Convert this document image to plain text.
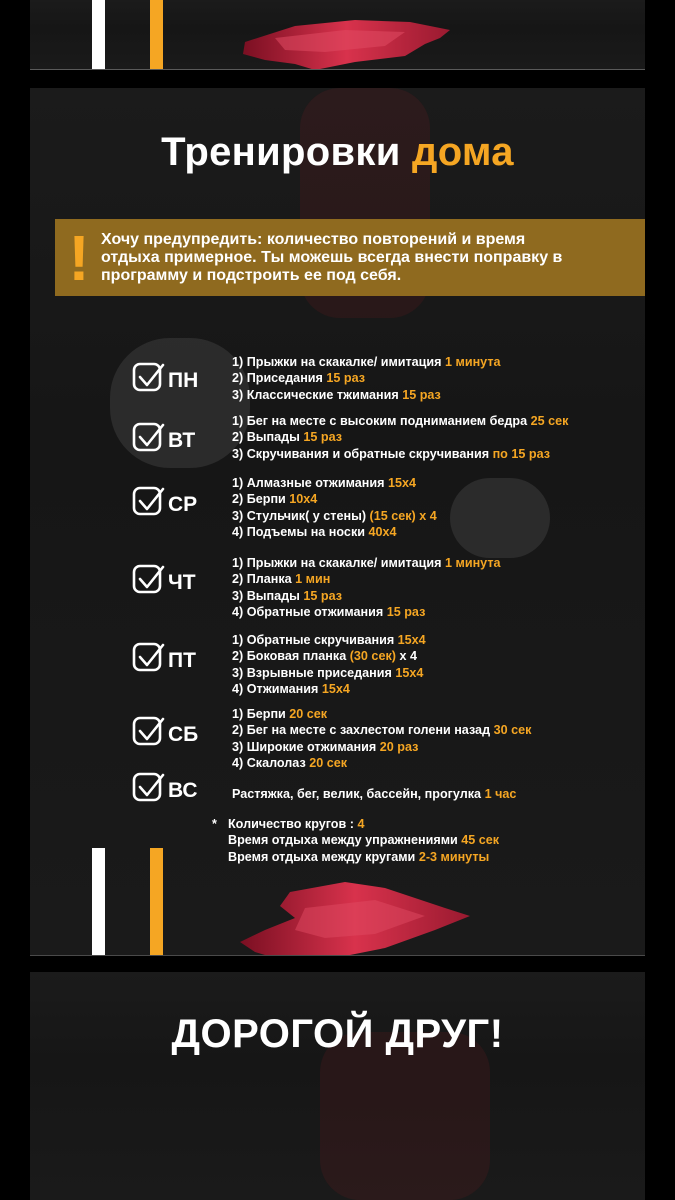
Тренировки дома
! Хочу предупредить: количество повторений и время
отдыха примерное. Ты можешь всегда внести поправку в
программу и подстроить ее под себя.
ПН
1) Прыжки на скакалке/ имитация 1 минута
2) Приседания 15 раз
3) Классические тжимания 15 раз
ВТ
1) Бег на месте с высоким подниманием бедра 25 сек
2) Выпады 15 раз
3) Скручивания и обратные скручивания по 15 раз
СР
1) Алмазные отжимания 15x4
2) Берпи 10x4
3) Стульчик( у стены) (15 сек) x 4
4) Подъемы на носки 40x4
ЧТ
1) Прыжки на скакалке/ имитация 1 минута
2) Планка 1 мин
3) Выпады 15 раз
4) Обратные отжимания 15 раз
ПТ
1) Обратные скручивания 15x4
2) Боковая планка (30 сек) x 4
3) Взрывные приседания 15x4
4) Отжимания 15x4
СБ
1) Берпи 20 сек
2) Бег на месте с захлестом голени назад 30 сек
3) Широкие отжимания 20 раз
4) Скалолаз 20 сек
ВС	Растяжка, бег, велик, бассейн, прогулка 1 час
* Количество кругов : 4
Время отдыха между упражнениями 45 сек
Время отдыха между кругами 2-3 минуты
ДОРОГОЙ ДРУГ!
